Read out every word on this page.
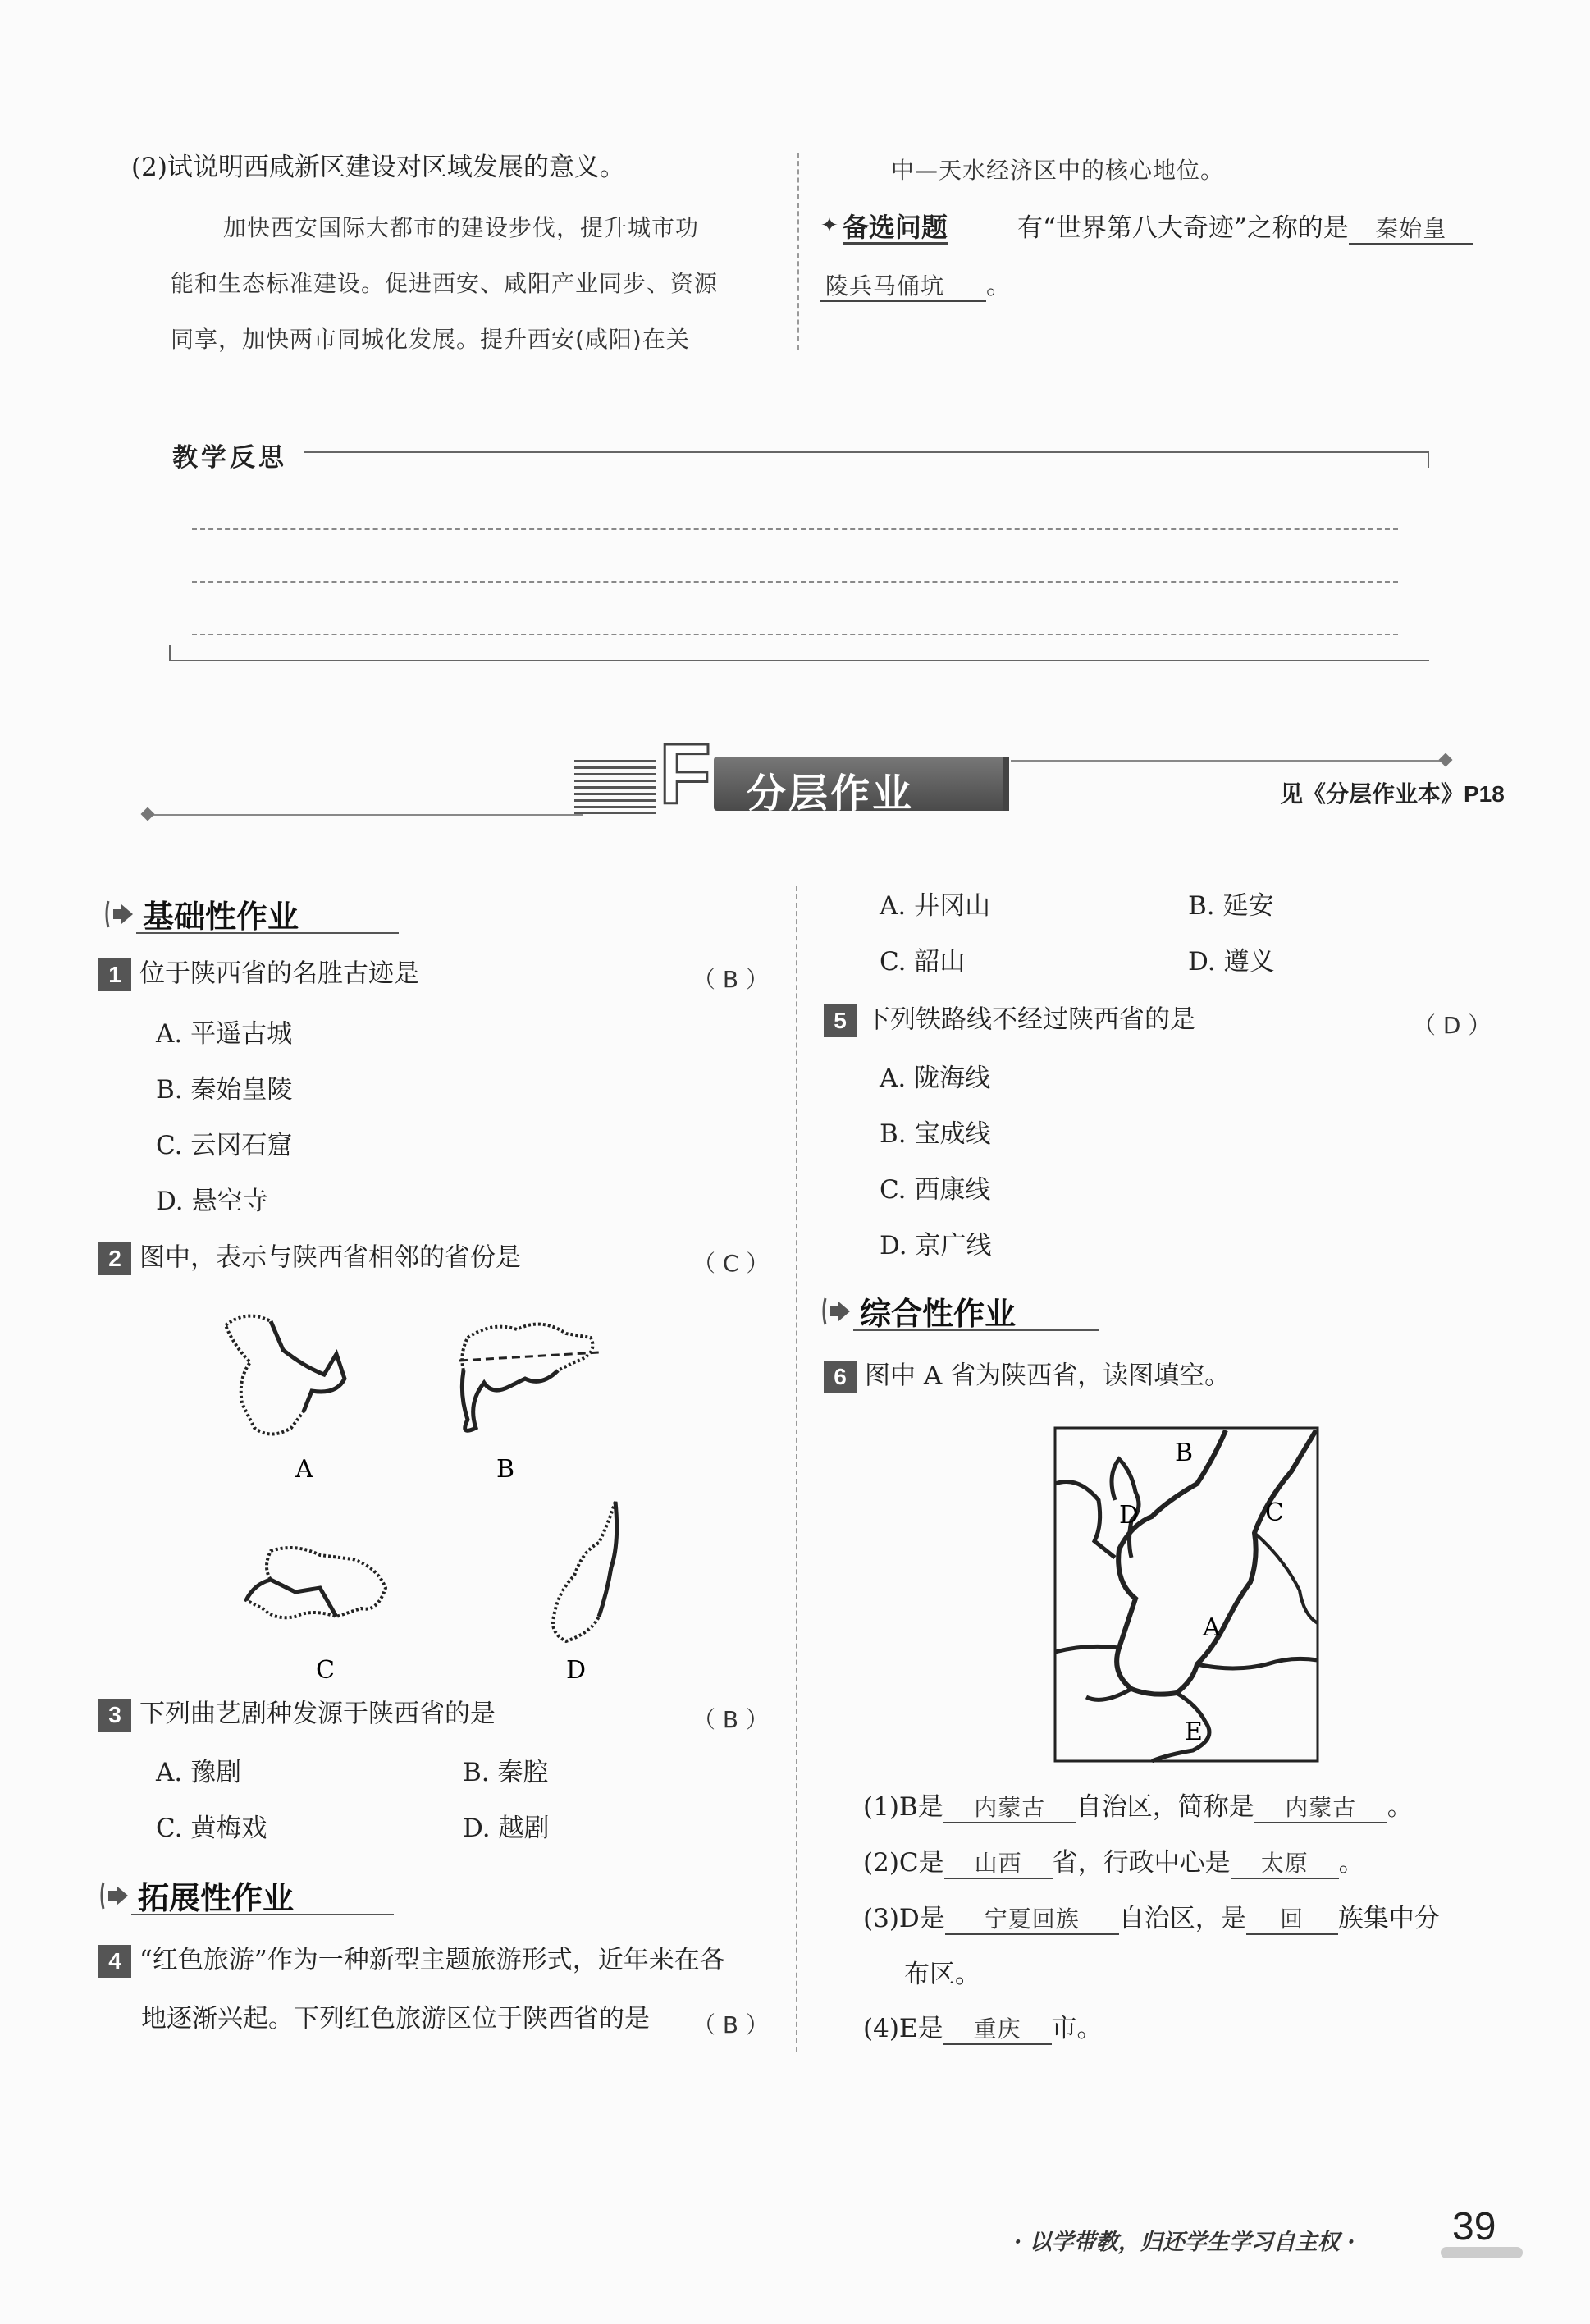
(2)试说明西咸新区建设对区域发展的意义。
加快西安国际大都市的建设步伐，提升城市功
能和生态标准建设。促进西安、咸阳产业同步、资源
同享，加快两市同城化发展。提升西安(咸阳)在关
中—天水经济区中的核心地位。
✦ 备选问题	有“世界第八大奇迹”之称的是 秦始皇
陵兵马俑坑 。
教学反思
F 分层作业	见《分层作业本》P18
基础性作业
1 位于陕西省的名胜古迹是	（ B ）
A. 平遥古城
B. 秦始皇陵
C. 云冈石窟
D. 悬空寺
2 图中，表示与陕西省相邻的省份是	（ C ）
A	B
C	D
3 下列曲艺剧种发源于陕西省的是	（ B ）
A. 豫剧	B. 秦腔
C. 黄梅戏	D. 越剧
拓展性作业
4 “红色旅游”作为一种新型主题旅游形式，近年来在各
地逐渐兴起。下列红色旅游区位于陕西省的是 （ B ）
A. 井冈山	B. 延安
C. 韶山	D. 遵义
5 下列铁路线不经过陕西省的是	（ D ）
A. 陇海线
B. 宝成线
C. 西康线
D. 京广线
综合性作业
6 图中 A 省为陕西省，读图填空。
B
C
D
A
E
(1)B是 内蒙古 自治区，简称是 内蒙古 。
(2)C是 山西 省，行政中心是 太原 。
(3)D是 宁夏回族 自治区，是 回 族集中分
布区。
(4)E是 重庆 市。
· 以学带教，归还学生学习自主权 · 39
